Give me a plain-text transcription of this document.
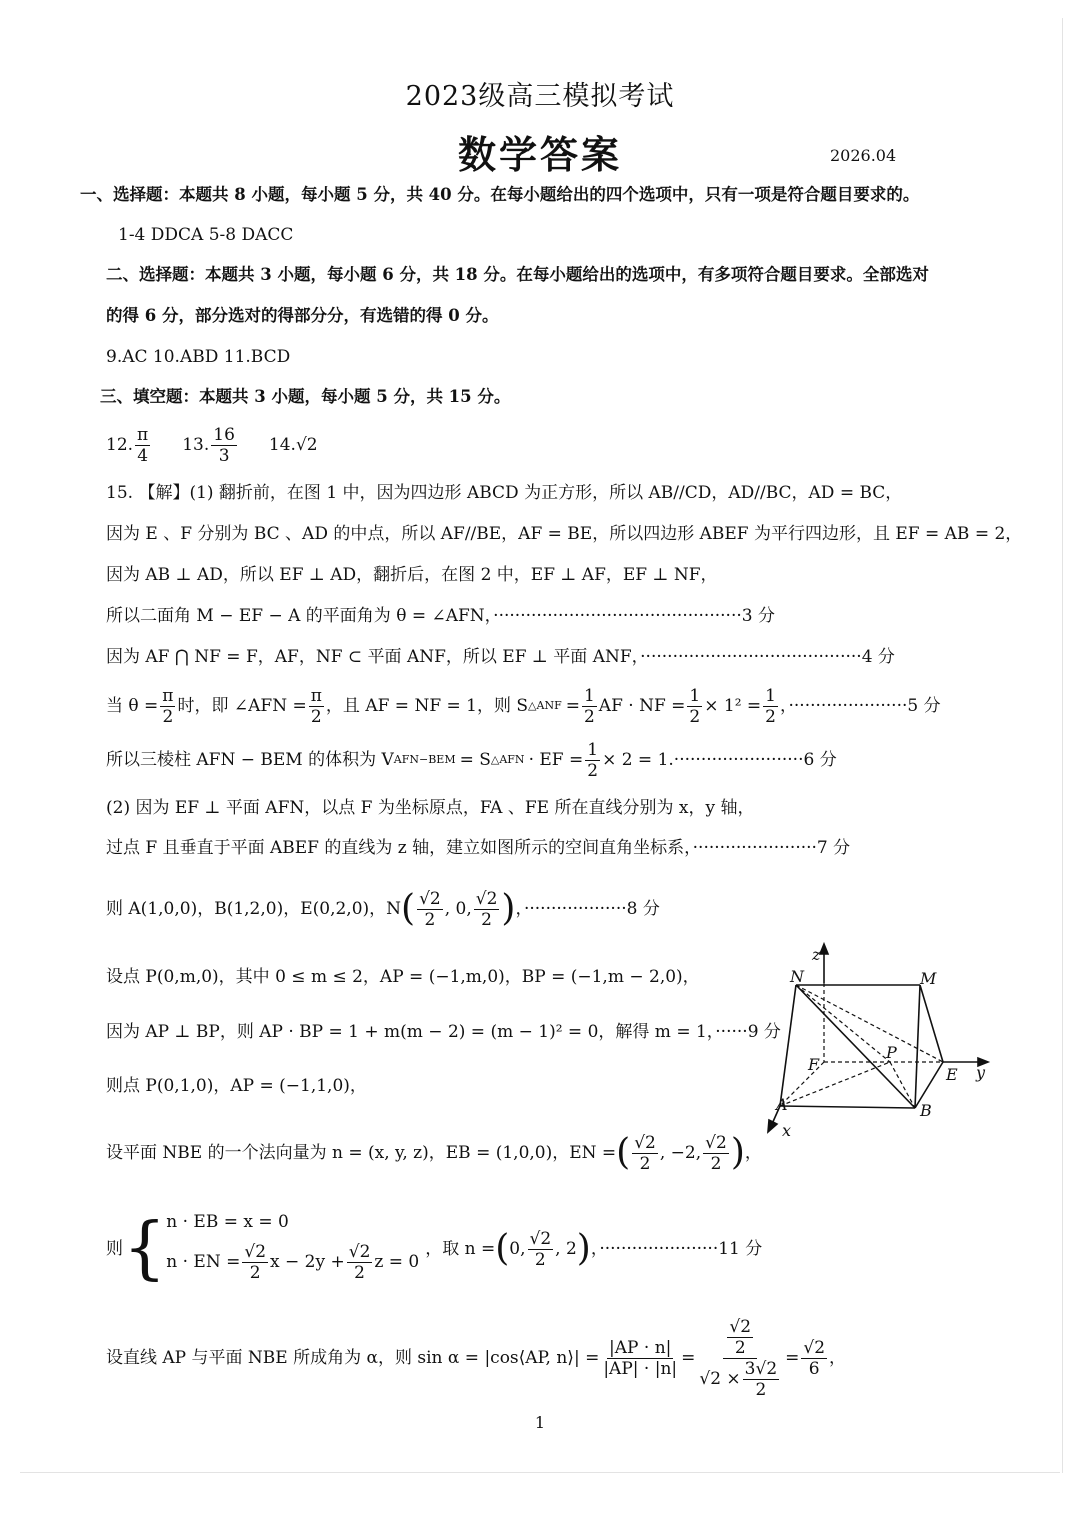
2023级高三模拟考试
数学答案	2026.04
一、选择题：本题共 8 小题，每小题 5 分，共 40 分。在每小题给出的四个选项中，只有一项是符合题目要求的。
1-4 DDCA 5-8 DACC
二、选择题：本题共 3 小题，每小题 6 分，共 18 分。在每小题给出的选项中，有多项符合题目要求。全部选对
的得 6 分，部分选对的得部分分，有选错的得 0 分。
9.AC 10.ABD 11.BCD
三、填空题：本题共 3 小题，每小题 5 分，共 15 分。
12. $\frac{\pi}{4} 13$. $\frac{16}{3} 14$. √2
15. 【解】(1) 翻折前，在图 1 中，因为四边形 ABCD 为正方形，所以 AB//CD，AD//BC，AD = BC，
因为 E 、F 分别为 BC 、AD 的中点，所以 AF//BE，AF = BE，所以四边形 ABEF 为平行四边形，且 EF = AB = 2，
因为 AB ⊥ AD，所以 EF ⊥ AD，翻折后，在图 2 中，EF ⊥ AF，EF ⊥ NF，
所以二面角 M − EF − A 的平面角为 θ = ∠AFN，··············································3 分
因为 AF ⋂ NF = F，AF，NF ⊂ 平面 ANF，所以 EF ⊥ 平面 ANF，·········································4 分
当 $\theta = \frac{\pi}{2}$ 时，即 ∠AFN = $\frac{\pi}{2}$ ，且 AF = NF = 1，则 S △ANF = $\frac{1}{2}$ AF · NF = $\frac{1}{2} \times 1^2 = \frac{1}{2}$ ，······················5 分
所以三棱柱 AFN − BEM 的体积为 V AFN−BEM = S △AFN · EF = $\frac{1}{2} \times 2 = 1.\cdot\cdot\cdot\cdot\cdot\cdot\cdot\cdot\cdot\cdot\cdot\cdot\cdot\cdot\cdot\cdot\cdot\cdot\cdot\cdot\cdot\cdot\cdot\cdot 6$ 分
(2) 因为 EF ⊥ 平面 AFN，以点 F 为坐标原点，FA 、FE 所在直线分别为 x，y 轴，
过点 F 且垂直于平面 ABEF 的直线为 z 轴，建立如图所示的空间直角坐标系，·······················7 分
则 A(1,0,0)，B(1,2,0)，E(0,2,0)，N ( $\frac{√2}{2}$ , 0, $\frac{√2}{2}$ ) ，···················8 分
设点 P(0,m,0)，其中 0 ≤ m ≤ 2，AP = (−1,m,0)，BP = (−1,m − 2,0)，
因为 AP ⊥ BP，则 AP · BP = 1 + m(m − 2) = (m − 1)² = 0，解得 m = 1，······9 分
则点 P(0,1,0)，AP = (−1,1,0)，
设平面 NBE 的一个法向量为 n = (x, y, z)，EB = (1,0,0)，EN = ( $\frac{√2}{2}$ , −2, $\frac{√2}{2}$ ) ，
则 { n · EB = x = 0
n · EN = $\frac{√2}{2}$ $x - 2y + \frac{√2}{2}$ z = 0
，取 n = ( 0, $\frac{√2}{2}$ , 2 ) ，······················11 分
设直线 AP 与平面 NBE 所成角为 α，则 sin α = |cos⟨AP, n⟩| = $\frac{|AP \cdot n|}{|AP| \cdot |n|} = \frac{\frac{√2}{2}}{√2 \times \frac{3√2}{2}} = \frac{√2}{6}$ ，
z
N	M
F
P
E y
A	B
x
1
